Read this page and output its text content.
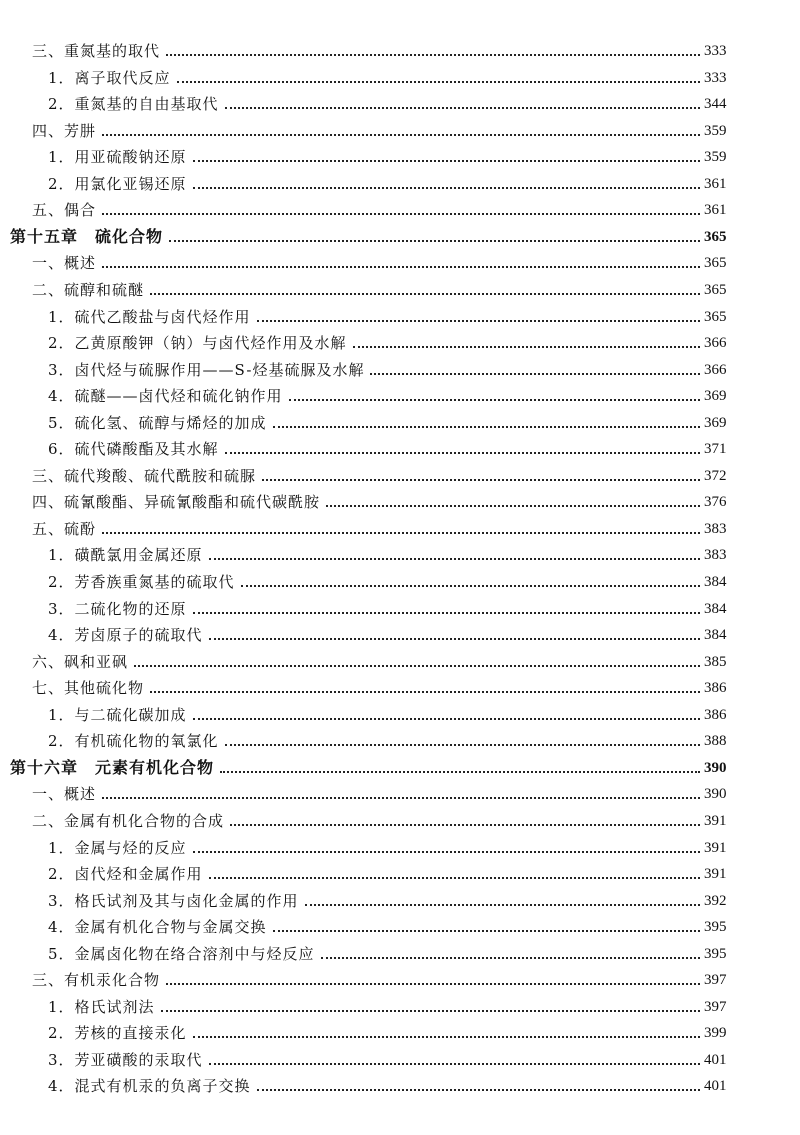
三、重氮基的取代	333
1．离子取代反应	333
2．重氮基的自由基取代	344
四、芳肼	359
1．用亚硫酸钠还原	359
2．用氯化亚锡还原	361
五、偶合	361
第十五章　硫化合物	365
一、概述	365
二、硫醇和硫醚	365
1．硫代乙酸盐与卤代烃作用	365
2．乙黄原酸钾（钠）与卤代烃作用及水解	366
3．卤代烃与硫脲作用——S-烃基硫脲及水解	366
4．硫醚——卤代烃和硫化钠作用	369
5．硫化氢、硫醇与烯烃的加成	369
6．硫代磷酸酯及其水解	371
三、硫代羧酸、硫代酰胺和硫脲	372
四、硫氰酸酯、异硫氰酸酯和硫代碳酰胺	376
五、硫酚	383
1．磺酰氯用金属还原	383
2．芳香族重氮基的硫取代	384
3．二硫化物的还原	384
4．芳卤原子的硫取代	384
六、砜和亚砜	385
七、其他硫化物	386
1．与二硫化碳加成	386
2．有机硫化物的氧氯化	388
第十六章　元素有机化合物	390
一、概述	390
二、金属有机化合物的合成	391
1．金属与烃的反应	391
2．卤代烃和金属作用	391
3．格氏试剂及其与卤化金属的作用	392
4．金属有机化合物与金属交换	395
5．金属卤化物在络合溶剂中与烃反应	395
三、有机汞化合物	397
1．格氏试剂法	397
2．芳核的直接汞化	399
3．芳亚磺酸的汞取代	401
4．混式有机汞的负离子交换	401
